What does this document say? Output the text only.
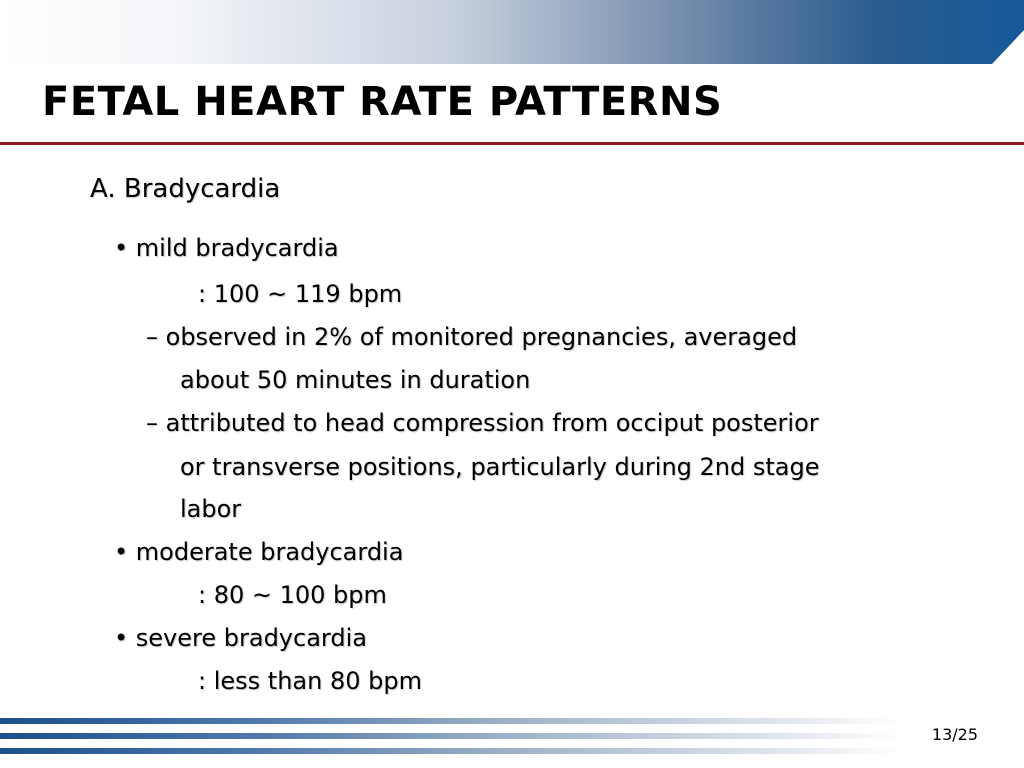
FETAL HEART RATE PATTERNS
A. Bradycardia
• mild bradycardia
: 100 ~ 119 bpm
– observed in 2% of monitored pregnancies, averaged
about 50 minutes in duration
– attributed to head compression from occiput posterior
or transverse positions, particularly during 2nd stage
labor
• moderate bradycardia
: 80 ~ 100 bpm
• severe bradycardia
: less than 80 bpm
13/25
